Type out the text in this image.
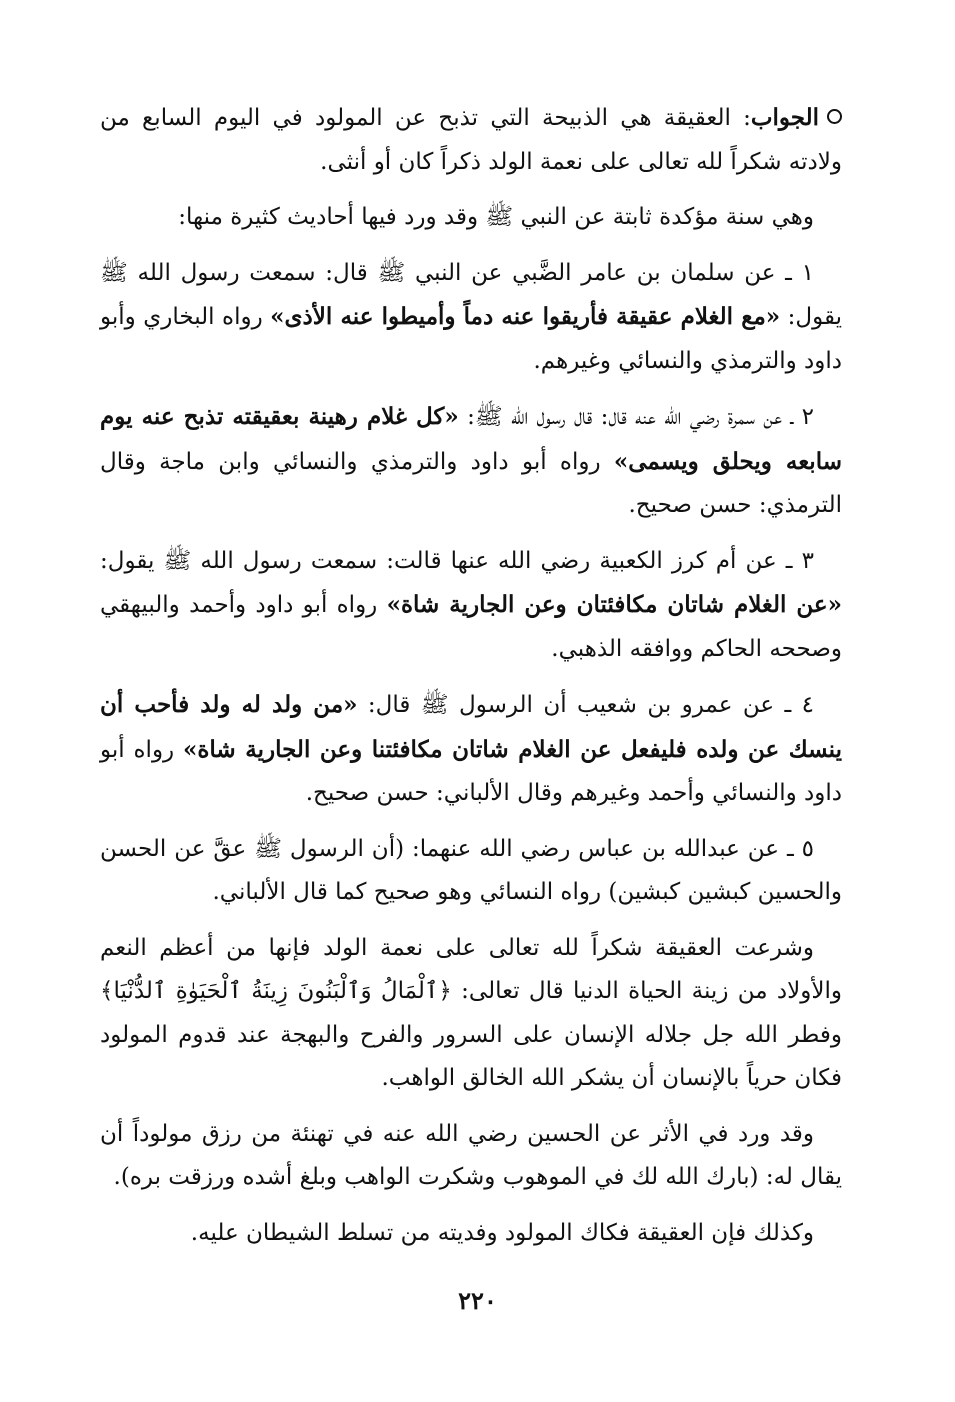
الجواب: العقيقة هي الذبيحة التي تذبح عن المولود في اليوم السابع من ولادته شكراً لله تعالى على نعمة الولد ذكراً كان أو أنثى.

وهي سنة مؤكدة ثابتة عن النبي ﷺ وقد ورد فيها أحاديث كثيرة منها:

١ ـ عن سلمان بن عامر الضَّبي عن النبي ﷺ قال: سمعت رسول الله ﷺ يقول: «مع الغلام عقيقة فأريقوا عنه دماً وأميطوا عنه الأذى» رواه البخاري وأبو داود والترمذي والنسائي وغيرهم.

٢ ـ عن سمرة رضي الله عنه قال: قال رسول الله ﷺ: «كل غلام رهينة بعقيقته تذبح عنه يوم سابعه ويحلق ويسمى» رواه أبو داود والترمذي والنسائي وابن ماجة وقال الترمذي: حسن صحيح.

٣ ـ عن أم كرز الكعبية رضي الله عنها قالت: سمعت رسول الله ﷺ يقول: «عن الغلام شاتان مكافئتان وعن الجارية شاة» رواه أبو داود وأحمد والبيهقي وصححه الحاكم ووافقه الذهبي.

٤ ـ عن عمرو بن شعيب أن الرسول ﷺ قال: «من ولد له ولد فأحب أن ينسك عن ولده فليفعل عن الغلام شاتان مكافئتنا وعن الجارية شاة» رواه أبو داود والنسائي وأحمد وغيرهم وقال الألباني: حسن صحيح.

٥ ـ عن عبدالله بن عباس رضي الله عنهما: (أن الرسول ﷺ عقَّ عن الحسن والحسين كبشين كبشين) رواه النسائي وهو صحيح كما قال الألباني.

وشرعت العقيقة شكراً لله تعالى على نعمة الولد فإنها من أعظم النعم والأولاد من زينة الحياة الدنيا قال تعالى: ﴿ٱلْمَالُ وَٱلْبَنُونَ زِينَةُ ٱلْحَيَوٰةِ ٱلدُّنْيَا﴾ وفطر الله جل جلاله الإنسان على السرور والفرح والبهجة عند قدوم المولود فكان حرياً بالإنسان أن يشكر الله الخالق الواهب.

وقد ورد في الأثر عن الحسين رضي الله عنه في تهنئة من رزق مولوداً أن يقال له: (بارك الله لك في الموهوب وشكرت الواهب وبلغ أشده ورزقت بره).

وكذلك فإن العقيقة فكاك المولود وفديته من تسلط الشيطان عليه.

٢٢٠
